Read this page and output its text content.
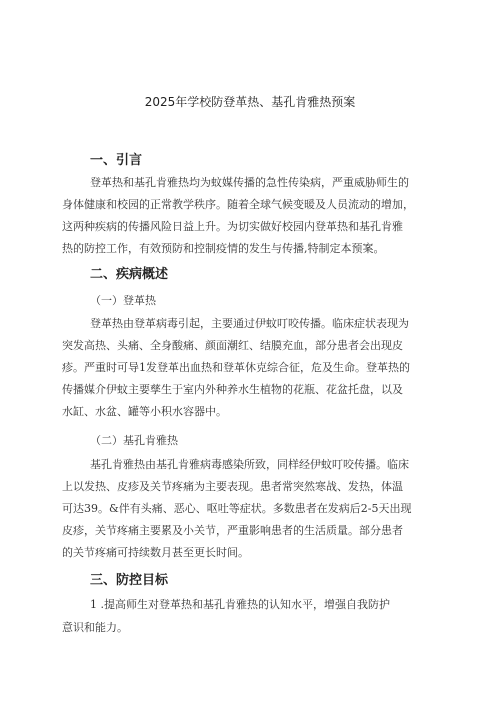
2025年学校防登革热、基孔肯雅热预案
一、引言
登革热和基孔肯雅热均为蚊媒传播的急性传染病，严重威胁师生的
身体健康和校园的正常教学秩序。随着全球气候变暖及人员流动的增加，
这两种疾病的传播风险日益上升。为切实做好校园内登革热和基孔肯雅
热的防控工作，有效预防和控制疫情的发生与传播,特制定本预案。
二、疾病概述
（一）登革热
登革热由登革病毒引起，主要通过伊蚊叮咬传播。临床症状表现为
突发高热、头痛、全身酸痛、颜面潮红、结膜充血，部分患者会出现皮
疹。严重时可导1发登革出血热和登革休克综合征，危及生命。登革热的
传播媒介伊蚊主要孳生于室内外种养水生植物的花瓶、花盆托盘，以及
水缸、水盆、罐等小积水容器中。
（二）基孔肯雅热
基孔肯雅热由基孔肯雅病毒感染所致，同样经伊蚊叮咬传播。临床
上以发热、皮疹及关节疼痛为主要表现。患者常突然寒战、发热，体温
可达39。&伴有头痛、恶心、呕吐等症状。多数患者在发病后2-5天出现
皮疹，关节疼痛主要累及小关节，严重影响患者的生活质量。部分患者
的关节疼痛可持续数月甚至更长时间。
三、防控目标
1 .提高师生对登革热和基孔肯雅热的认知水平，增强自我防护
意识和能力。
